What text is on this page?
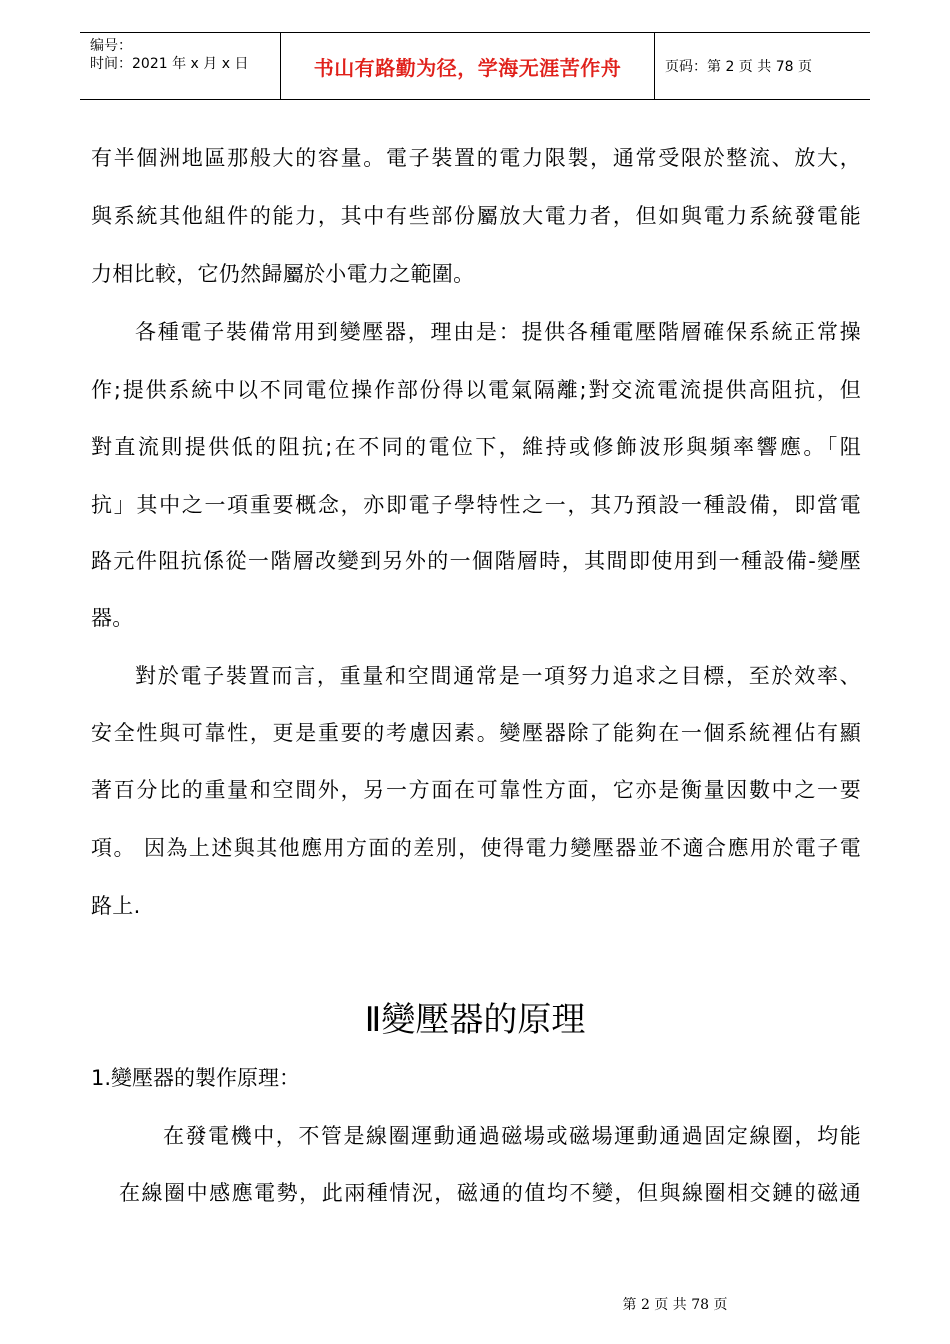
编号：
时间：2021 年 x 月 x 日	书山有路勤为径，学海无涯苦作舟	页码：第 2 页 共 78 页
有半個洲地區那般大的容量。電子裝置的電力限製，通常受限於整流、放大，
與系統其他組件的能力，其中有些部份屬放大電力者，但如與電力系統發電能
力相比較，它仍然歸屬於小電力之範圍。
各種電子裝備常用到變壓器，理由是：提供各種電壓階層確保系統正常操
作;提供系統中以不同電位操作部份得以電氣隔離;對交流電流提供高阻抗，但
對直流則提供低的阻抗;在不同的電位下，維持或修飾波形與頻率響應。「阻
抗」其中之一項重要概念，亦即電子學特性之一，其乃預設一種設備，即當電
路元件阻抗係從一階層改變到另外的一個階層時，其間即使用到一種設備-變壓
器。
對於電子裝置而言，重量和空間通常是一項努力追求之目標，至於效率、
安全性與可靠性，更是重要的考慮因素。變壓器除了能夠在一個系統裡佔有顯
著百分比的重量和空間外，另一方面在可靠性方面，它亦是衡量因數中之一要
項。 因為上述與其他應用方面的差別，使得電力變壓器並不適合應用於電子電
路上.
Ⅱ變壓器的原理
1.變壓器的製作原理：
在發電機中，不管是線圈運動通過磁場或磁場運動通過固定線圈，均能
在線圈中感應電勢，此兩種情況，磁通的值均不變，但與線圈相交鏈的磁通
第 2 页 共 78 页
